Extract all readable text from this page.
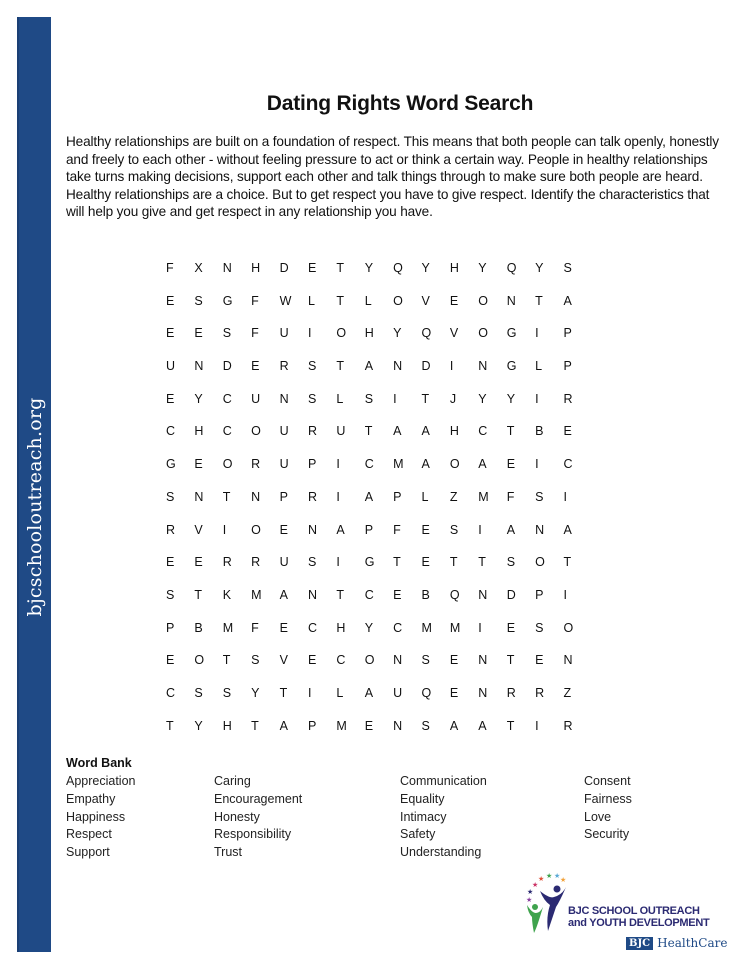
bjcschooloutreach.org
Dating Rights Word Search

Healthy relationships are built on a foundation of respect. This means that both people can talk openly, honestly and freely to each other - without feeling pressure to act or think a certain way. People in healthy relationships take turns making decisions, support each other and talk things through to make sure both people are heard. Healthy relationships are a choice. But to get respect you have to give respect. Identify the characteristics that will help you give and get respect in any relationship you have.

F	X	N	H	D	E	T	Y	Q	Y	H	Y	Q	Y	S
E	S	G	F	W	L	T	L	O	V	E	O	N	T	A
E	E	S	F	U	I	O	H	Y	Q	V	O	G	I	P
U	N	D	E	R	S	T	A	N	D	I	N	G	L	P
E	Y	C	U	N	S	L	S	I	T	J	Y	Y	I	R
C	H	C	O	U	R	U	T	A	A	H	C	T	B	E
G	E	O	R	U	P	I	C	M	A	O	A	E	I	C
S	N	T	N	P	R	I	A	P	L	Z	M	F	S	I
R	V	I	O	E	N	A	P	F	E	S	I	A	N	A
E	E	R	R	U	S	I	G	T	E	T	T	S	O	T
S	T	K	M	A	N	T	C	E	B	Q	N	D	P	I
P	B	M	F	E	C	H	Y	C	M	M	I	E	S	O
E	O	T	S	V	E	C	O	N	S	E	N	T	E	N
C	S	S	Y	T	I	L	A	U	Q	E	N	R	R	Z
T	Y	H	T	A	P	M	E	N	S	A	A	T	I	R
Word Bank
Appreciation
Empathy
Happiness
Respect
Support
Caring
Encouragement
Honesty
Responsibility
Trust
Communication
Equality
Intimacy
Safety
Understanding
Consent
Fairness
Love
Security
★ ★ ★
★
★
★
★
BJC SCHOOL OUTREACH
and YOUTH DEVELOPMENT
BJC HealthCare
